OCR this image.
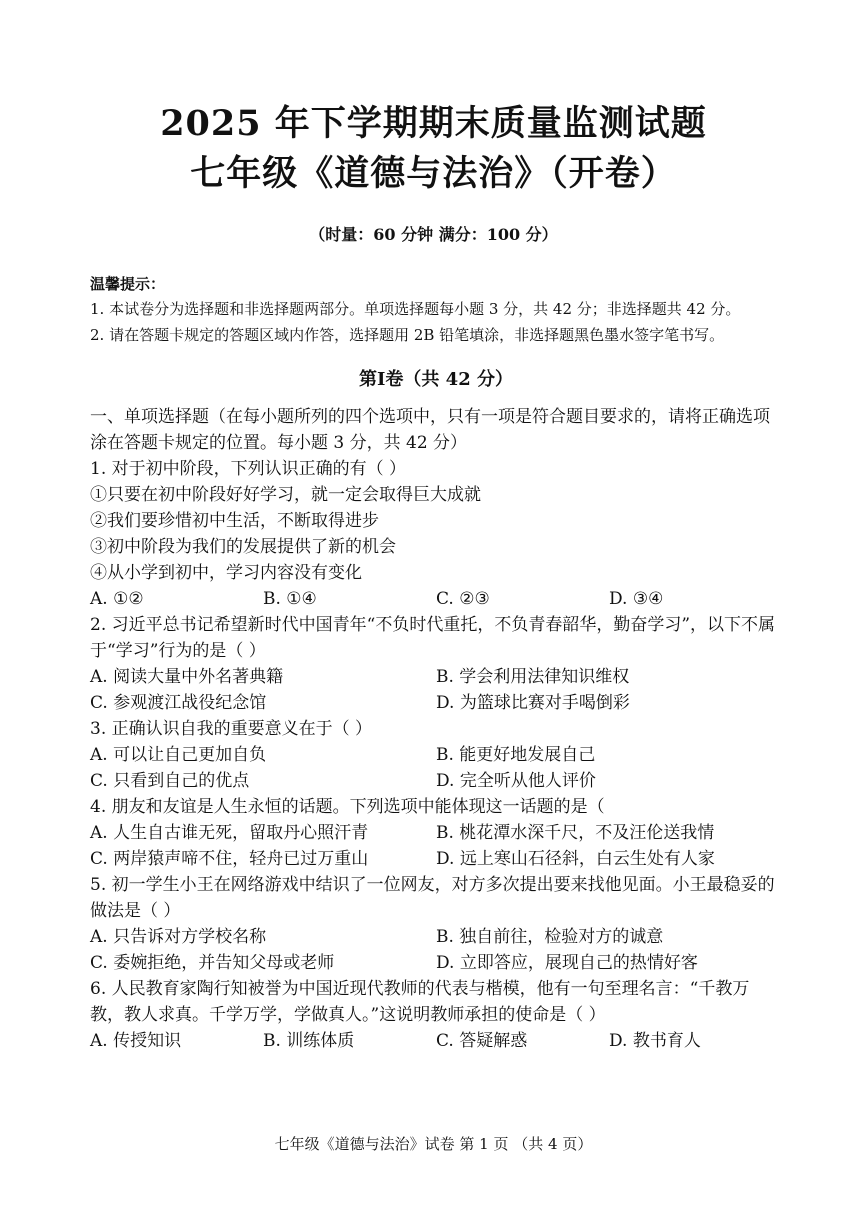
2025 年下学期期末质量监测试题
七年级《道德与法治》（开卷）
（时量：60 分钟 满分：100 分）
温馨提示：
1. 本试卷分为选择题和非选择题两部分。单项选择题每小题 3 分，共 42 分；非选择题共 42 分。
2. 请在答题卡规定的答题区域内作答，选择题用 2B 铅笔填涂，非选择题黑色墨水签字笔书写。
第Ⅰ卷（共 42 分）
一、单项选择题（在每小题所列的四个选项中，只有一项是符合题目要求的，请将正确选项涂在答题卡规定的位置。每小题 3 分，共 42 分）
1. 对于初中阶段，下列认识正确的有（ ）
①只要在初中阶段好好学习，就一定会取得巨大成就
②我们要珍惜初中生活，不断取得进步
③初中阶段为我们的发展提供了新的机会
④从小学到初中，学习内容没有变化
A. ①②	B. ①④	C. ②③	D. ③④
2. 习近平总书记希望新时代中国青年“不负时代重托，不负青春韶华，勤奋学习”，以下不属于“学习”行为的是（ ）
A. 阅读大量中外名著典籍	B. 学会利用法律知识维权
C. 参观渡江战役纪念馆	D. 为篮球比赛对手喝倒彩
3. 正确认识自我的重要意义在于（ ）
A. 可以让自己更加自负	B. 能更好地发展自己
C. 只看到自己的优点	D. 完全听从他人评价
4. 朋友和友谊是人生永恒的话题。下列选项中能体现这一话题的是（
A. 人生自古谁无死，留取丹心照汗青	B. 桃花潭水深千尺，不及汪伦送我情
C. 两岸猿声啼不住，轻舟已过万重山	D. 远上寒山石径斜，白云生处有人家
5. 初一学生小王在网络游戏中结识了一位网友，对方多次提出要来找他见面。小王最稳妥的做法是（ ）
A. 只告诉对方学校名称	B. 独自前往，检验对方的诚意
C. 委婉拒绝，并告知父母或老师	D. 立即答应，展现自己的热情好客
6. 人民教育家陶行知被誉为中国近现代教师的代表与楷模，他有一句至理名言：“千教万教，教人求真。千学万学，学做真人。”这说明教师承担的使命是（ ）
A. 传授知识	B. 训练体质	C. 答疑解惑	D. 教书育人
七年级《道德与法治》试卷 第 1 页 （共 4 页）
